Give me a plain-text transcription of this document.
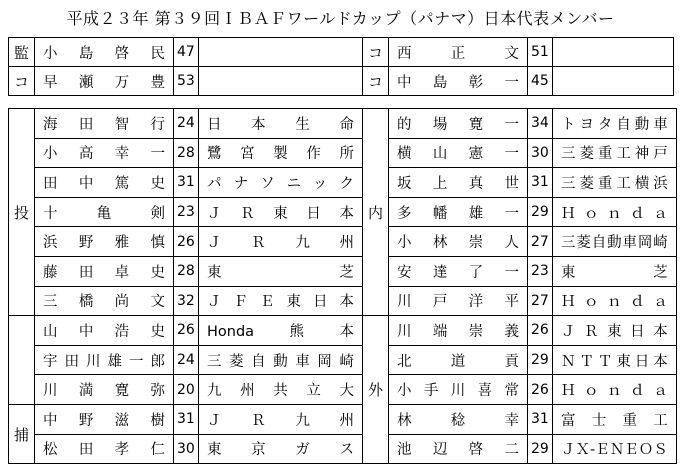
平成２３年 第３９回ＩＢＡＦワールドカップ（パナマ）日本代表メンバー
監	小島啓民	47		コ	西正文	51	
コ	早瀬万豊	53		コ	中島彰一	45	
投	海田智行	24	日本生命	内	的場寛一	34	トヨタ自動車
	小高幸一	28	鷺宮製作所		横山憲一	30	三菱重工神戸
	田中篤史	31	パナソニック		坂上真世	31	三菱重工横浜
	十亀剣	23	ＪＲ東日本		多幡雄一	29	Ｈｏｎｄａ
	浜野雅慎	26	ＪＲ九州		小林崇人	27	三菱自動車岡崎
	藤田卓史	28	東芝		安達了一	23	東芝
	三橋尚文	32	ＪＦＥ東日本		川戸洋平	27	Ｈｏｎｄａ
	山中浩史	26	Honda熊本	外	川端崇義	26	ＪＲ東日本
	宇田川雄一郎	24	三菱自動車岡崎		北道貢	29	ＮＴＴ東日本
	川満寛弥	20	九州共立大		小手川喜常	26	Ｈｏｎｄａ
捕	中野滋樹	31	ＪＲ九州		林稔幸	31	富士重工
	松田孝仁	30	東京ガス		池辺啓二	29	ＪＸ-ＥＮＥＯＳ
